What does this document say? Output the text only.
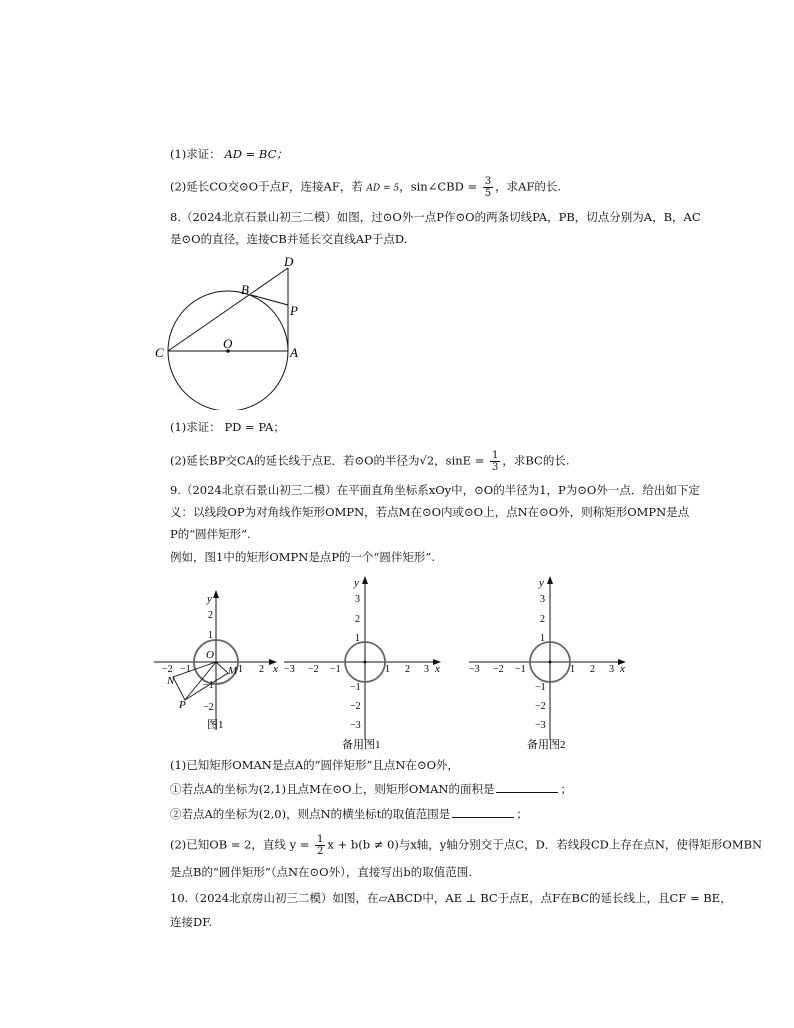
(1)求证： AD = BC；
(2)延长CO交⊙O于点F，连接AF，若 AD = 5，sin∠CBD = $\frac{3}{5}$ ，求AF的长.
8.（2024北京石景山初三二模）如图，过⊙O外一点P作⊙O的两条切线PA，PB，切点分别为A，B，AC
是⊙O的直径，连接CB并延长交直线AP于点D.
D
B
P
C
O
A
(1)求证： PD = PA；
(2)延长BP交CA的延长线于点E．若⊙O的半径为√2，$\sin E = \frac{1}{3}$ ，求BC的长.
9.（2024北京石景山初三二模）在平面直角坐标系xOy中，⊙O的半径为1，P为⊙O外一点．给出如下定
义：以线段OP为对角线作矩形OMPN，若点M在⊙O内或⊙O上，点N在⊙O外，则称矩形OMPN是点
P的“圆伴矩形”.
例如，图1中的矩形OMPN是点P的一个“圆伴矩形”.
y
x
−2 −1	1 2
2
1
−1
−2
O
M
N
P
图1
y
x
−3 −2 −1	1 2 3
3
2
1
−1
−2
−3
备用图1
y
x
−3 −2 −1	1 2 3
3
2
1
−1
−2
−3
备用图2
(1)已知矩形OMAN是点A的“圆伴矩形”且点N在⊙O外，
①若点A的坐标为(2,1)且点M在⊙O上，则矩形OMAN的面积是	；
②若点A的坐标为(2,0)，则点N的横坐标t的取值范围是	；
(2)已知OB = 2，直线 $y = \frac{1}{2}$ x + b(b ≠ 0)与x轴，y轴分别交于点C，D．若线段CD上存在点N，使得矩形OMBN
是点B的“圆伴矩形”（点N在⊙O外），直接写出b的取值范围.
10.（2024北京房山初三二模）如图，在▱ABCD中，AE ⊥ BC于点E，点F在BC的延长线上，且CF = BE，
连接DF.
